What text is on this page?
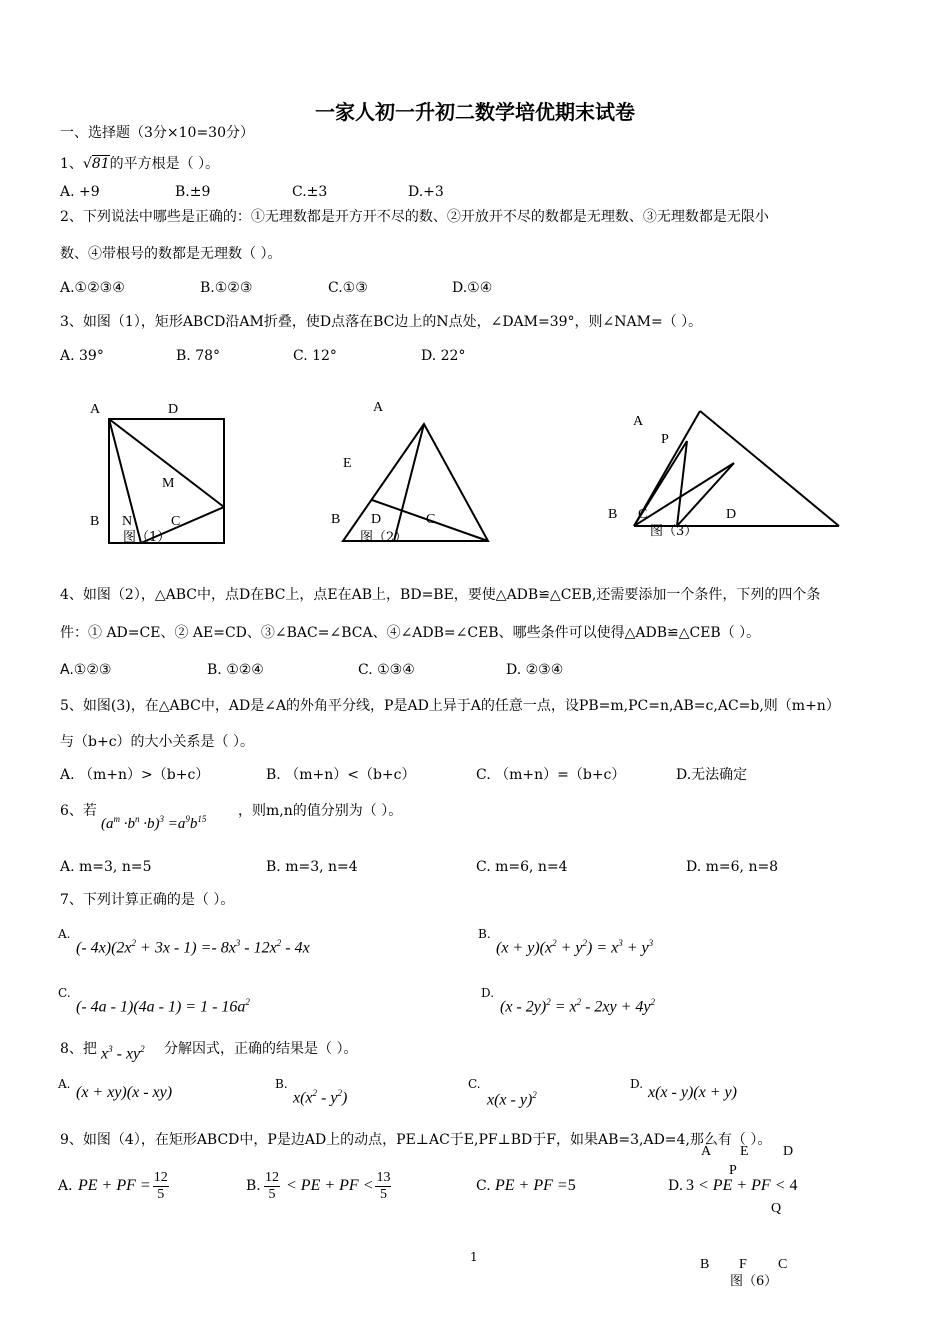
一家人初一升初二数学培优期末试卷
一、选择题（3分×10=30分）
1、√81的平方根是（ ）。
A. +9	B.±9	C.±3	D.+3
2、下列说法中哪些是正确的：①无理数都是开方开不尽的数、②开放开不尽的数都是无理数、③无理数都是无限小
数、④带根号的数都是无理数（ ）。
A.①②③④	B.①②③	C.①③	D.①④
3、如图（1），矩形ABCD沿AM折叠，使D点落在BC边上的N点处，∠DAM=39°，则∠NAM=（ ）。
A. 39°	B. 78°	C. 12°	D. 22°
A	D
M
B N	C
图（1）
A
E
B D	C
图（2）
A
P
B C	D
图（3）
4、如图（2），△ABC中，点D在BC上，点E在AB上，BD=BE，要使△ADB≌△CEB,还需要添加一个条件，下列的四个条
件：① AD=CE、② AE=CD、③∠BAC=∠BCA、④∠ADB=∠CEB、哪些条件可以使得△ADB≌△CEB（ ）。
A.①②③	B. ①②④	C. ①③④	D. ②③④
5、如图(3)，在△ABC中，AD是∠A的外角平分线，P是AD上异于A的任意一点，设PB=m,PC=n,AB=c,AC=b,则（m+n）
与（b+c）的大小关系是（ ）。
A. （m+n）>（b+c）	B. （m+n）<（b+c）	C. （m+n）=（b+c）	D.无法确定
6、若
$(a^m \cdot b^n \cdot b)^3 =a^9b^{15}$ ，则m,n的值分别为（ ）。
A. m=3, n=5	B. m=3, n=4	C. m=6, n=4	D. m=6, n=8
7、下列计算正确的是（ ）。
A.
(- $4x)(2x^2 + 3x - 1) =- 8x^3 - 12x^2 - 4x$
B.
$(x + y)(x^2 + y^2) = x^3 + y^3$
C.
(- $4a - 1)(4a - 1) = 1 - 16a^2$
D.
$(x - 2y)^2 = x^2 - 2xy + 4y^2$
8、把 $x^3 - xy^2$ 分解因式，正确的结果是（ ）。
A. (x + xy)(x - xy)	B.
$x(x^2 - y^2)$
C.
x(x - y)$^2$
D. x(x - y)(x + y)
9、如图（4），在矩形ABCD中，P是边AD上的动点，PE⊥AC于E,PF⊥BD于F，如果AB=3,AD=4,那么有（ ）。
A E D
P
Q
A. PE + PF = $\frac{12}{5}$	B. $\frac{12}{5}$ < PE + PF < $\frac{13}{5}$	C. PE + PF =5	D. 3 < PE + PF < 4
1	B F C
图（6）
